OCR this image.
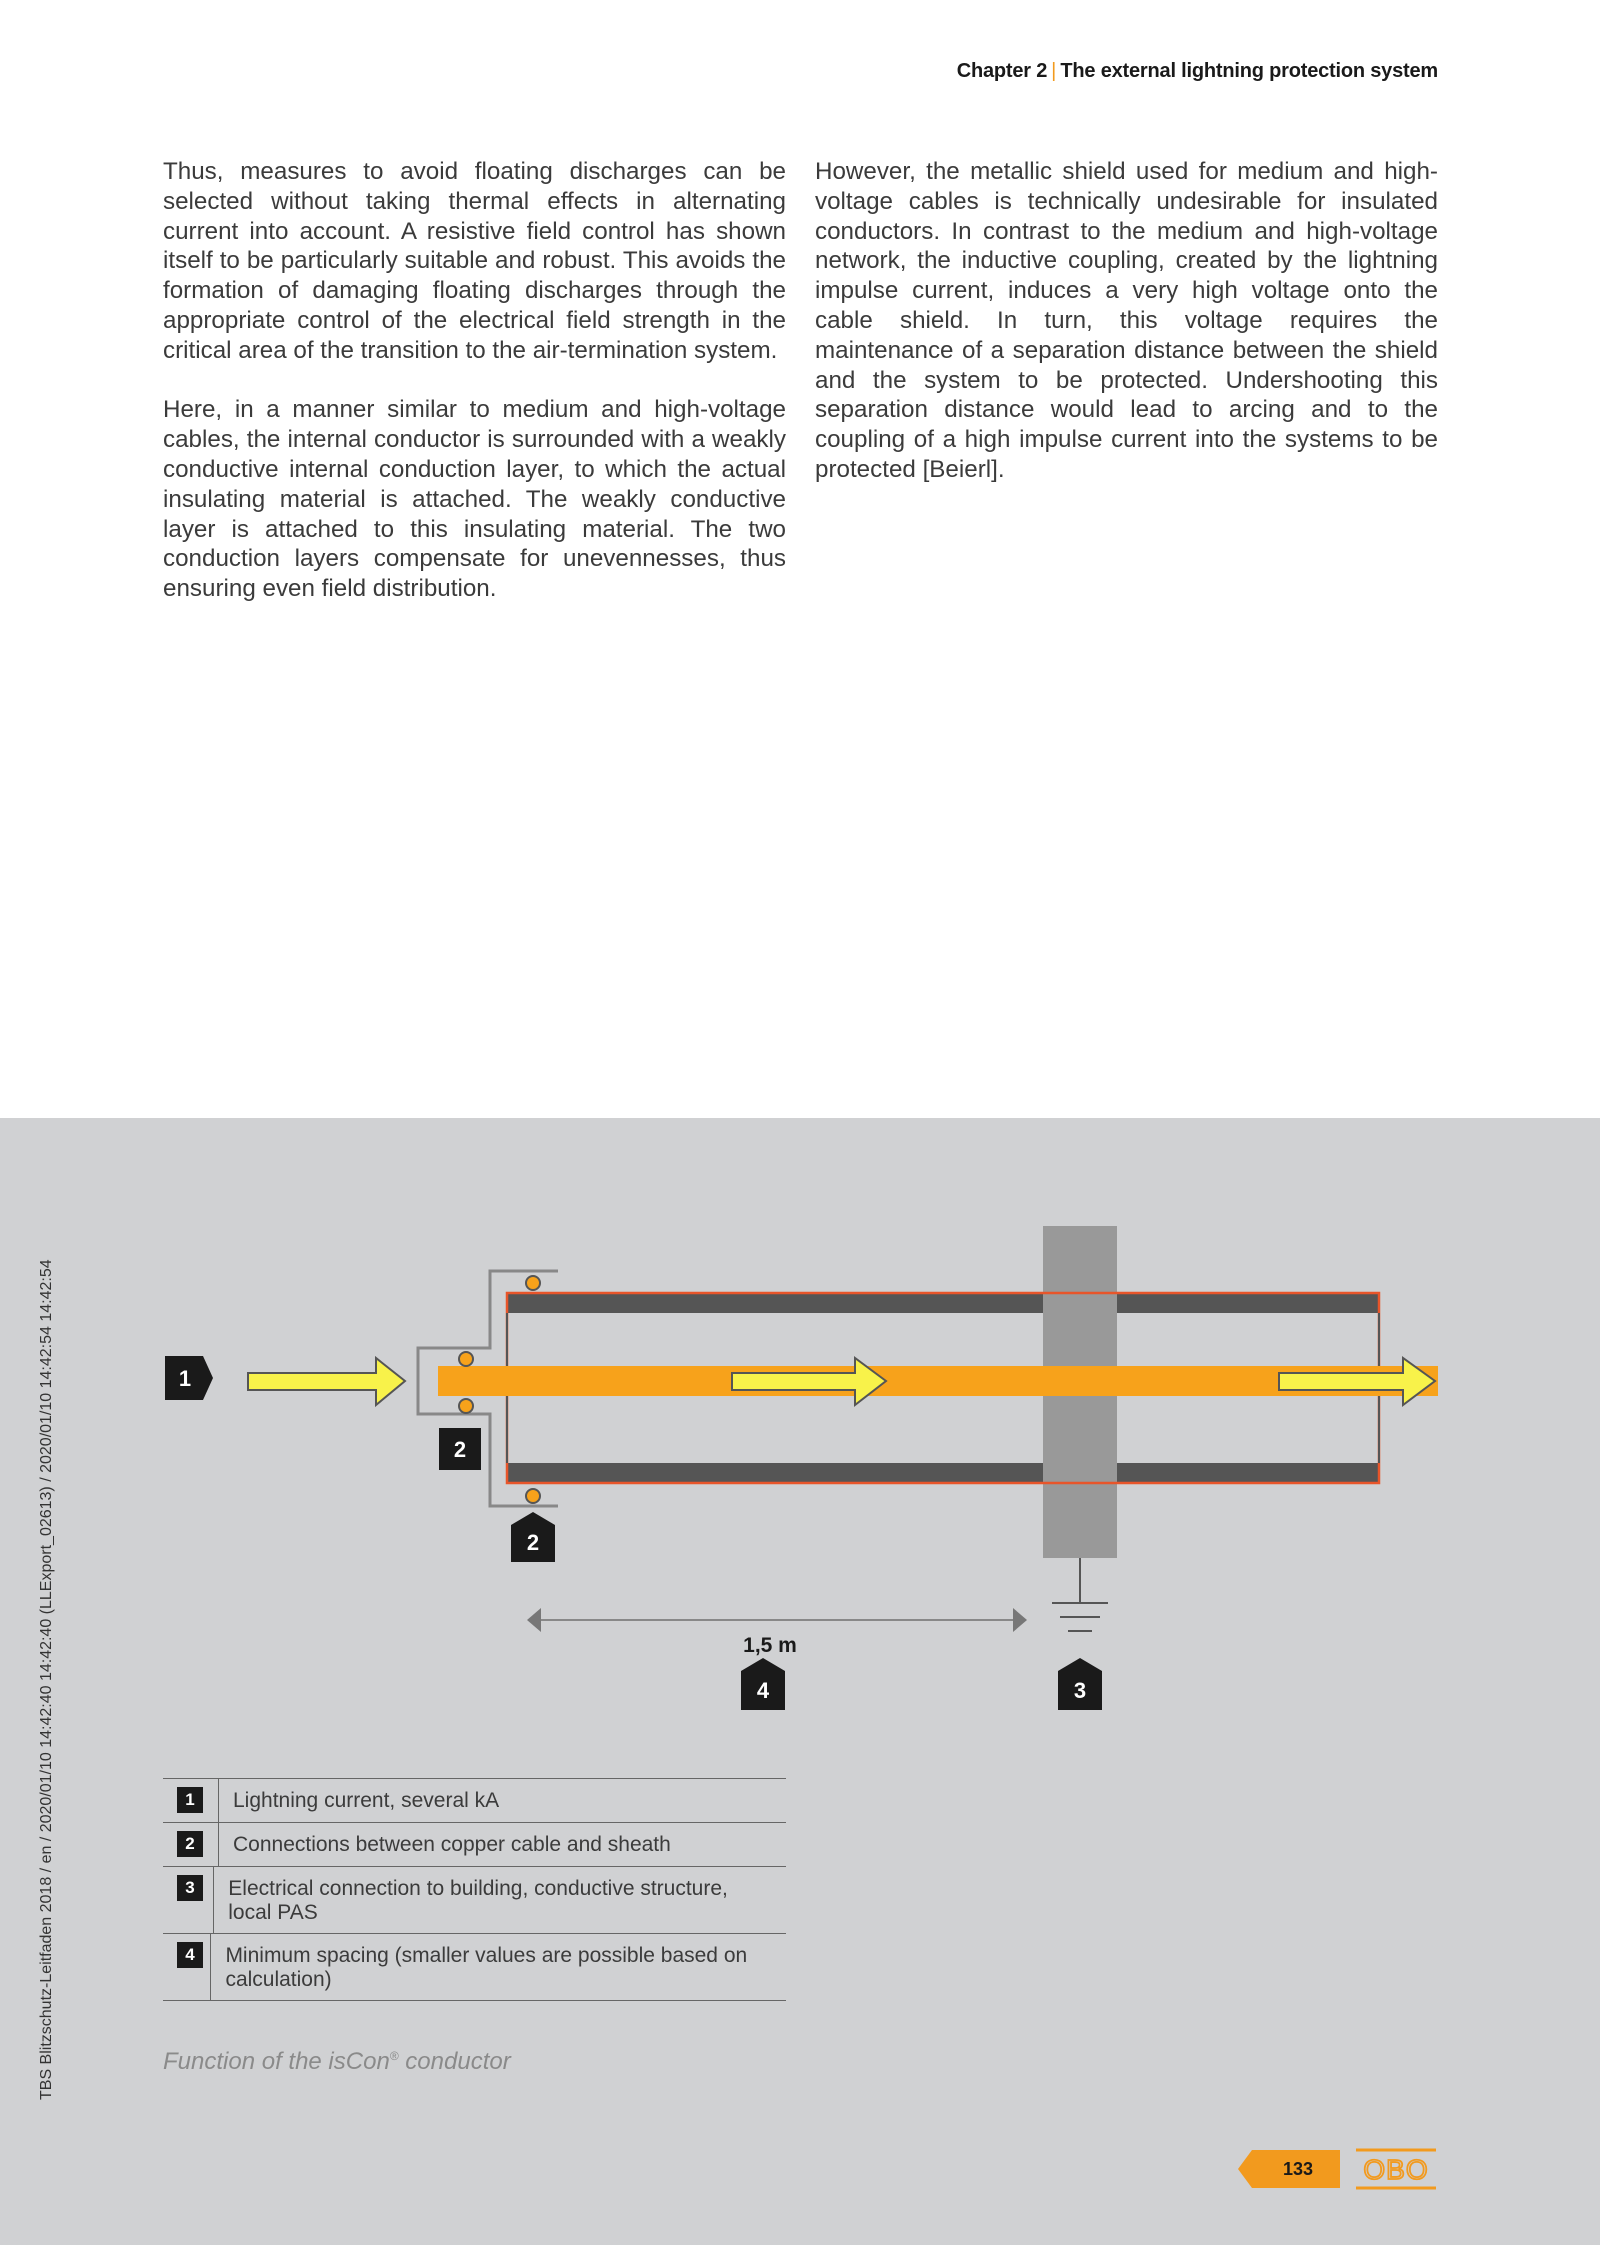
Chapter 2 | The external lightning protection system

Thus, measures to avoid floating discharges can be selected without taking thermal effects in alternating current into account. A resistive field control has shown itself to be particularly suitable and robust. This avoids the formation of damaging floating discharges through the appropriate control of the electrical field strength in the critical area of the transition to the air-termination system.

Here, in a manner similar to medium and high-voltage cables, the internal conductor is surrounded with a weakly conductive internal conduction layer, to which the actual insulating material is attached. The weakly conductive layer is attached to this insulating material. The two conduction layers compensate for unevennesses, thus ensuring even field distribution.

However, the metallic shield used for medium and high-voltage cables is technically undesirable for insulated conductors. In contrast to the medium and high-voltage network, the inductive coupling, created by the lightning impulse current, induces a very high voltage onto the cable shield. In turn, this voltage requires the maintenance of a separation distance between the shield and the system to be protected. Undershooting this separation distance would lead to arcing and to the coupling of a high impulse current into the systems to be protected [Beierl].

TBS Blitzschutz-Leitfaden 2018 / en / 2020/01/10 14:42:40 14:42:40 (LLExport_02613) / 2020/01/10 14:42:54 14:42:54	1,5 m
1
2
2
4	3
1	Lightning current, several kA
2	Connections between copper cable and sheath
3	Electrical connection to building, conductive structure, local PAS
4	Minimum spacing (smaller values are possible based on calculation)
Function of the isCon® conductor
133	OBO
